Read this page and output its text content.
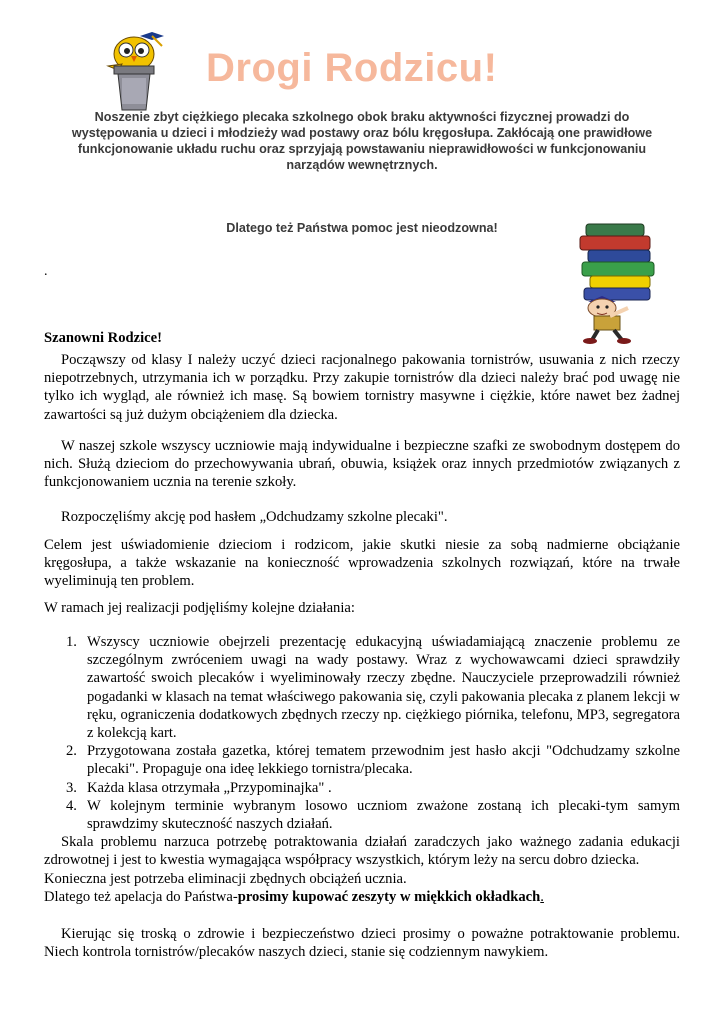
Drogi Rodzicu!

Noszenie zbyt ciężkiego plecaka szkolnego obok braku aktywności fizycznej prowadzi do występowania u dzieci i młodzieży wad postawy oraz bólu kręgosłupa. Zakłócają one prawidłowe funkcjonowanie układu ruchu oraz sprzyjają powstawaniu nieprawidłowości w funkcjonowaniu narządów wewnętrznych.

Dlatego też Państwa pomoc jest nieodzowna!

.

Szanowni Rodzice!

Począwszy od klasy I należy uczyć dzieci racjonalnego pakowania tornistrów, usuwania z nich rzeczy niepotrzebnych, utrzymania ich w porządku. Przy zakupie tornistrów dla dzieci należy brać pod uwagę nie tylko ich wygląd, ale również ich masę. Są bowiem tornistry masywne i ciężkie, które nawet bez żadnej zawartości są już dużym obciążeniem dla dziecka.

W naszej szkole wszyscy uczniowie mają indywidualne i bezpieczne szafki ze swobodnym dostępem do nich. Służą dzieciom do przechowywania ubrań, obuwia, książek oraz innych przedmiotów związanych z funkcjonowaniem ucznia na terenie szkoły.

Rozpoczęliśmy akcję pod hasłem „Odchudzamy szkolne plecaki".

Celem jest uświadomienie dzieciom i rodzicom, jakie skutki niesie za sobą nadmierne obciążanie kręgosłupa, a także wskazanie na konieczność wprowadzenia szkolnych rozwiązań, które na trwałe wyeliminują ten problem.

W ramach jej realizacji podjęliśmy kolejne działania:

1. Wszyscy uczniowie obejrzeli prezentację edukacyjną uświadamiającą znaczenie problemu ze szczególnym zwróceniem uwagi na wady postawy. Wraz z wychowawcami dzieci sprawdziły zawartość swoich plecaków i wyeliminowały rzeczy zbędne. Nauczyciele przeprowadzili również pogadanki w klasach na temat właściwego pakowania się, czyli pakowania plecaka z planem lekcji w ręku, ograniczenia dodatkowych zbędnych rzeczy np. ciężkiego piórnika, telefonu, MP3, segregatora z kolekcją kart.
2. Przygotowana została gazetka, której tematem przewodnim jest hasło akcji "Odchudzamy szkolne plecaki". Propaguje ona ideę lekkiego tornistra/plecaka.
3. Każda klasa otrzymała „Przypominajka" .
4. W kolejnym terminie wybranym losowo uczniom zważone zostaną ich plecaki-tym samym sprawdzimy skuteczność naszych działań.

Skala problemu narzuca potrzebę potraktowania działań zaradczych jako ważnego zadania edukacji zdrowotnej i jest to kwestia wymagająca współpracy wszystkich, którym leży na sercu dobro dziecka.

Konieczna jest potrzeba eliminacji zbędnych obciążeń ucznia.

Dlatego też apelacja do Państwa-prosimy kupować zeszyty w miękkich okładkach.

Kierując się troską o zdrowie i bezpieczeństwo dzieci prosimy o poważne potraktowanie problemu. Niech kontrola tornistrów/plecaków naszych dzieci, stanie się codziennym nawykiem.
